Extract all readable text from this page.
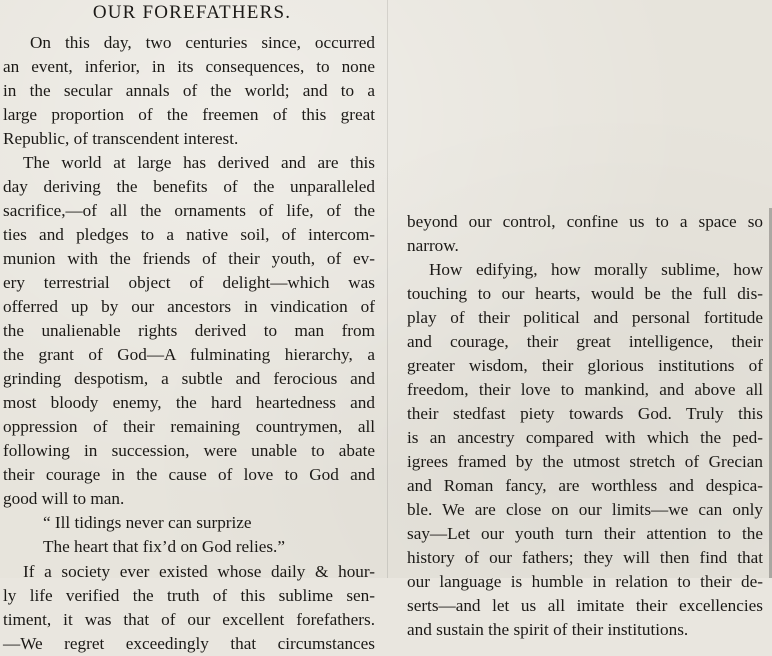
OUR FOREFATHERS.
On this day, two centuries since, occurred
an event, inferior, in its consequences, to none
in the secular annals of the world; and to a
large proportion of the freemen of this great
Republic, of transcendent interest.
The world at large has derived and are this
day deriving the benefits of the unparalleled
sacrifice,—of all the ornaments of life, of the
ties and pledges to a native soil, of intercom-
munion with the friends of their youth, of ev-
ery terrestrial object of delight—which was
offerred up by our ancestors in vindication of
the unalienable rights derived to man from
the grant of God—A fulminating hierarchy, a
grinding despotism, a subtle and ferocious and
most bloody enemy, the hard heartedness and
oppression of their remaining countrymen, all
following in succession, were unable to abate
their courage in the cause of love to God and
good will to man.
“ Ill tidings never can surprize
The heart that fix’d on God relies.”
If a society ever existed whose daily & hour-
ly life verified the truth of this sublime sen-
timent, it was that of our excellent forefathers.
—We regret exceedingly that circumstances
beyond our control, confine us to a space so
narrow.
How edifying, how morally sublime, how
touching to our hearts, would be the full dis-
play of their political and personal fortitude
and courage, their great intelligence, their
greater wisdom, their glorious institutions of
freedom, their love to mankind, and above all
their stedfast piety towards God. Truly this
is an ancestry compared with which the ped-
igrees framed by the utmost stretch of Grecian
and Roman fancy, are worthless and despica-
ble. We are close on our limits—we can only
say—Let our youth turn their attention to the
history of our fathers; they will then find that
our language is humble in relation to their de-
serts—and let us all imitate their excellencies
and sustain the spirit of their institutions.
